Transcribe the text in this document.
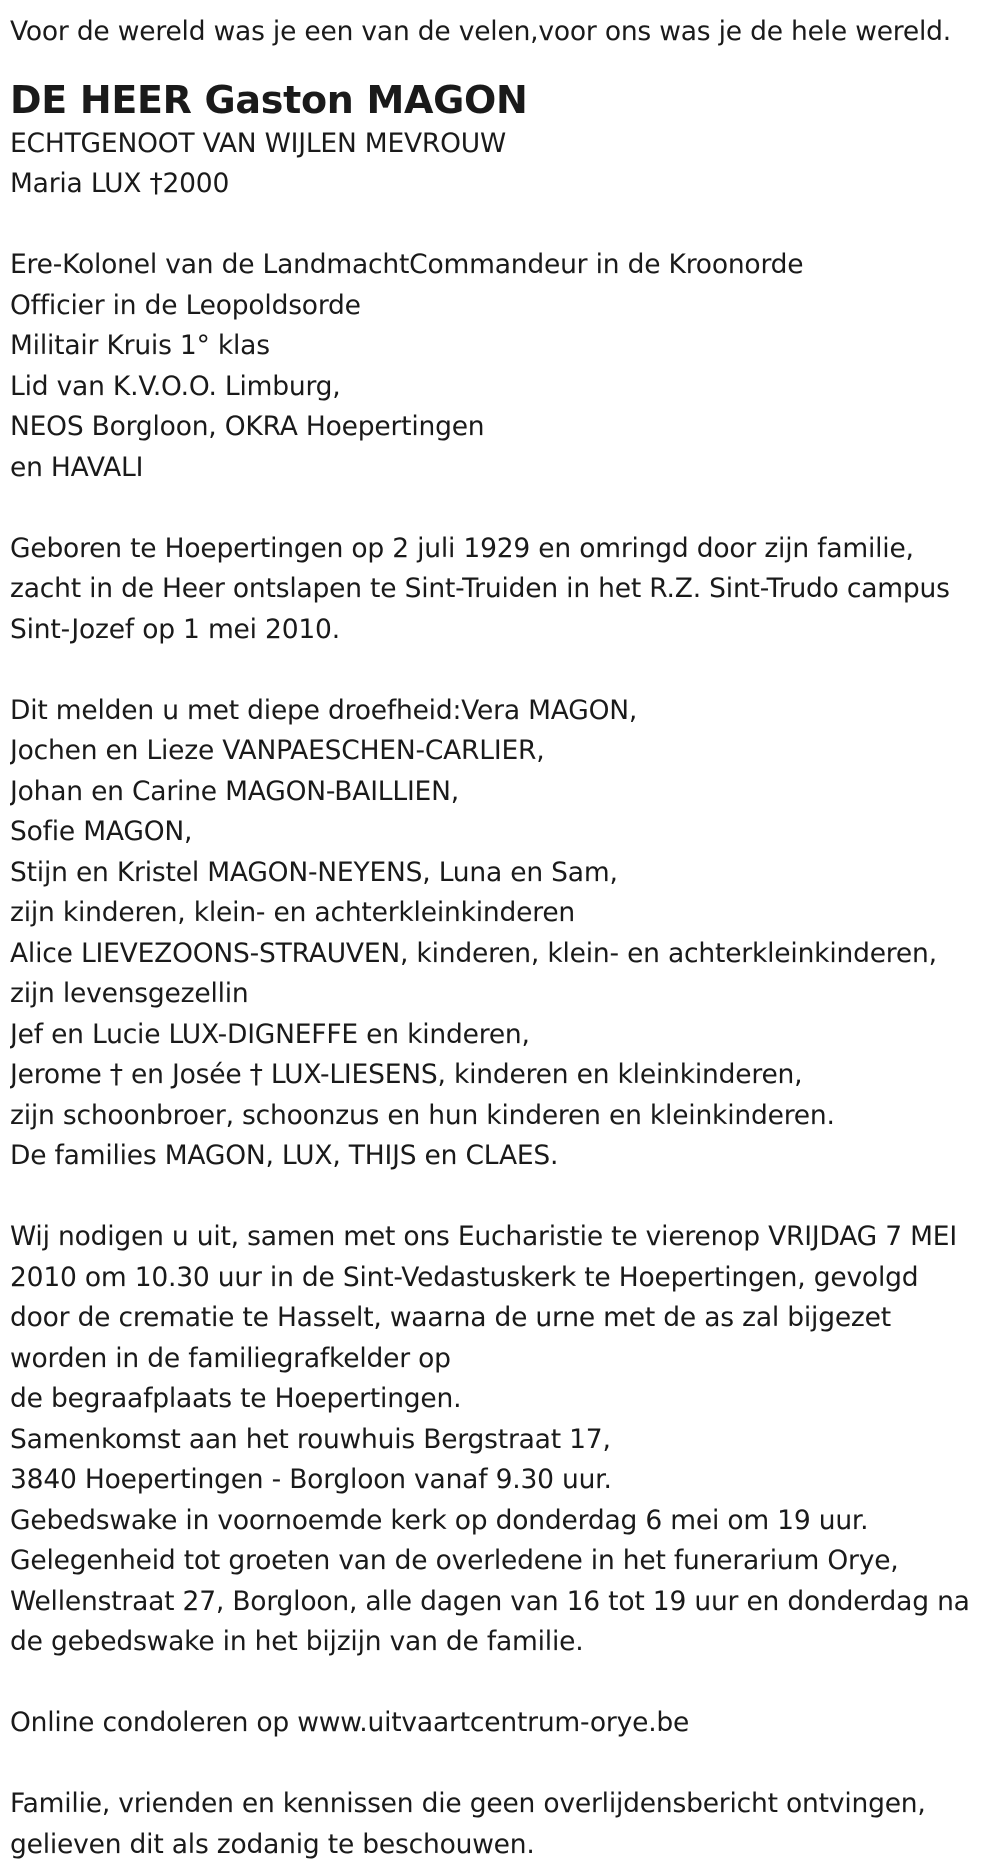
Voor de wereld was je een van de velen,voor ons was je de hele wereld.
DE HEER Gaston MAGON
ECHTGENOOT VAN WIJLEN MEVROUW
Maria LUX †2000
Ere-Kolonel van de LandmachtCommandeur in de Kroonorde
Officier in de Leopoldsorde
Militair Kruis 1° klas
Lid van K.V.O.O. Limburg,
NEOS Borgloon, OKRA Hoepertingen
en HAVALI
Geboren te Hoepertingen op 2 juli 1929 en omringd door zijn familie,
zacht in de Heer ontslapen te Sint-Truiden in het R.Z. Sint-Trudo campus
Sint-Jozef op 1 mei 2010.
Dit melden u met diepe droefheid:Vera MAGON,
Jochen en Lieze VANPAESCHEN-CARLIER,
Johan en Carine MAGON-BAILLIEN,
Sofie MAGON,
Stijn en Kristel MAGON-NEYENS, Luna en Sam,
zijn kinderen, klein- en achterkleinkinderen
Alice LIEVEZOONS-STRAUVEN, kinderen, klein- en achterkleinkinderen,
zijn levensgezellin
Jef en Lucie LUX-DIGNEFFE en kinderen,
Jerome † en Josée † LUX-LIESENS, kinderen en kleinkinderen,
zijn schoonbroer, schoonzus en hun kinderen en kleinkinderen.
De families MAGON, LUX, THIJS en CLAES.
Wij nodigen u uit, samen met ons Eucharistie te vierenop VRIJDAG 7 MEI
2010 om 10.30 uur in de Sint-Vedastuskerk te Hoepertingen, gevolgd
door de crematie te Hasselt, waarna de urne met de as zal bijgezet
worden in de familiegrafkelder op
de begraafplaats te Hoepertingen.
Samenkomst aan het rouwhuis Bergstraat 17,
3840 Hoepertingen - Borgloon vanaf 9.30 uur.
Gebedswake in voornoemde kerk op donderdag 6 mei om 19 uur.
Gelegenheid tot groeten van de overledene in het funerarium Orye,
Wellenstraat 27, Borgloon, alle dagen van 16 tot 19 uur en donderdag na
de gebedswake in het bijzijn van de familie.
Online condoleren op www.uitvaartcentrum-orye.be
Familie, vrienden en kennissen die geen overlijdensbericht ontvingen,
gelieven dit als zodanig te beschouwen.
